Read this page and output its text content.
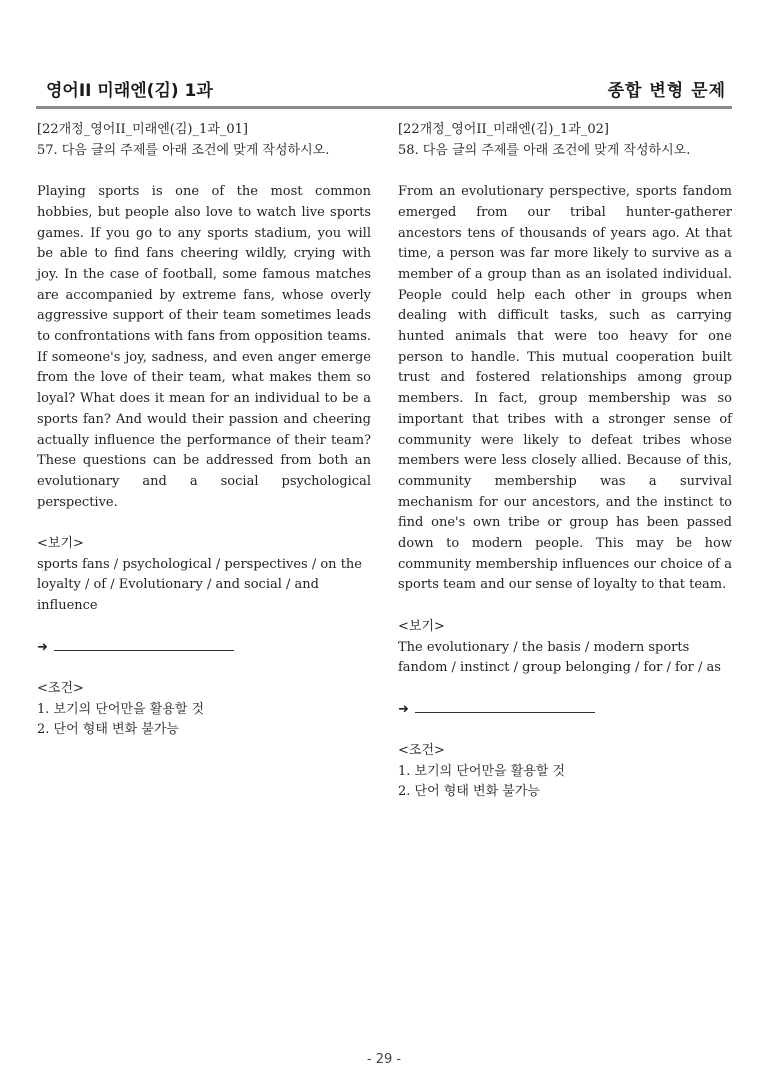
영어II 미래엔(김) 1과	종합 변형 문제

[22개정_영어II_미래엔(김)_1과_01]

57. 다음 글의 주제를 아래 조건에 맞게 작성하시오.

Playing sports is one of the most common hobbies, but people also love to watch live sports games. If you go to any sports stadium, you will be able to find fans cheering wildly, crying with joy. In the case of football, some famous matches are accompanied by extreme fans, whose overly aggressive support of their team sometimes leads to confrontations with fans from opposition teams. If someone's joy, sadness, and even anger emerge from the love of their team, what makes them so loyal? What does it mean for an individual to be a sports fan? And would their passion and cheering actually influence the performance of their team? These questions can be addressed from both an evolutionary and a social psychological perspective.

<보기>

sports fans / psychological / perspectives / on the loyalty / of / Evolutionary / and social / and influence

➜

<조건>

1. 보기의 단어만을 활용할 것

2. 단어 형태 변화 불가능

[22개정_영어II_미래엔(김)_1과_02]

58. 다음 글의 주제를 아래 조건에 맞게 작성하시오.

From an evolutionary perspective, sports fandom emerged from our tribal hunter-gatherer ancestors tens of thousands of years ago. At that time, a person was far more likely to survive as a member of a group than as an isolated individual. People could help each other in groups when dealing with difficult tasks, such as carrying hunted animals that were too heavy for one person to handle. This mutual cooperation built trust and fostered relationships among group members. In fact, group membership was so important that tribes with a stronger sense of community were likely to defeat tribes whose members were less closely allied. Because of this, community membership was a survival mechanism for our ancestors, and the instinct to find one's own tribe or group has been passed down to modern people. This may be how community membership influences our choice of a sports team and our sense of loyalty to that team.

<보기>

The evolutionary / the basis / modern sports fandom / instinct / group belonging / for / for / as

➜

<조건>

1. 보기의 단어만을 활용할 것

2. 단어 형태 변화 불가능

- 29 -
